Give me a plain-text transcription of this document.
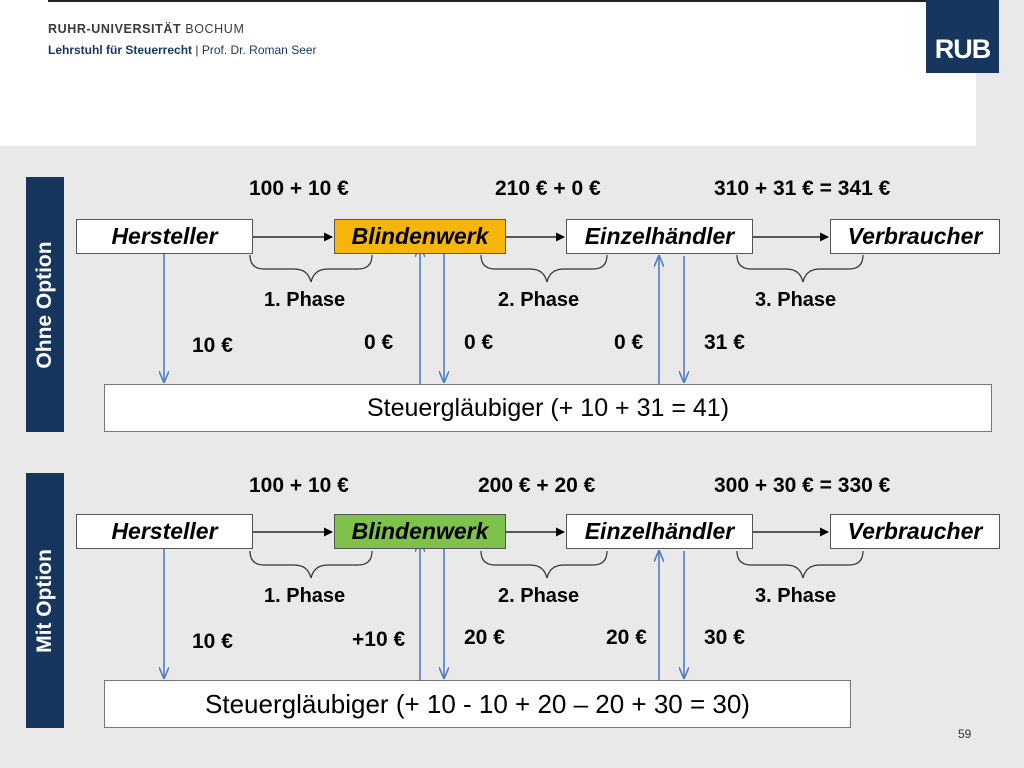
RUHR-UNIVERSITÄT BOCHUM
Lehrstuhl für Steuerrecht | Prof. Dr. Roman Seer	RUB
Ohne Option
100 + 10 €	210 € + 0 €	310 + 31 € = 341 €
Hersteller	Blindenwerk	Einzelhändler	Verbraucher
1. Phase	2. Phase	3. Phase
10 €	0 €	0 €	0 €	31 €
Steuergläubiger (+ 10 + 31 = 41)
Mit Option
100 + 10 €	200 € + 20 €	300 + 30 € = 330 €
Hersteller	Blindenwerk	Einzelhändler	Verbraucher
1. Phase	2. Phase	3. Phase
10 €	+10 €	20 €	20 €	30 €
Steuergläubiger (+ 10 - 10 + 20 – 20 + 30 = 30)
59
